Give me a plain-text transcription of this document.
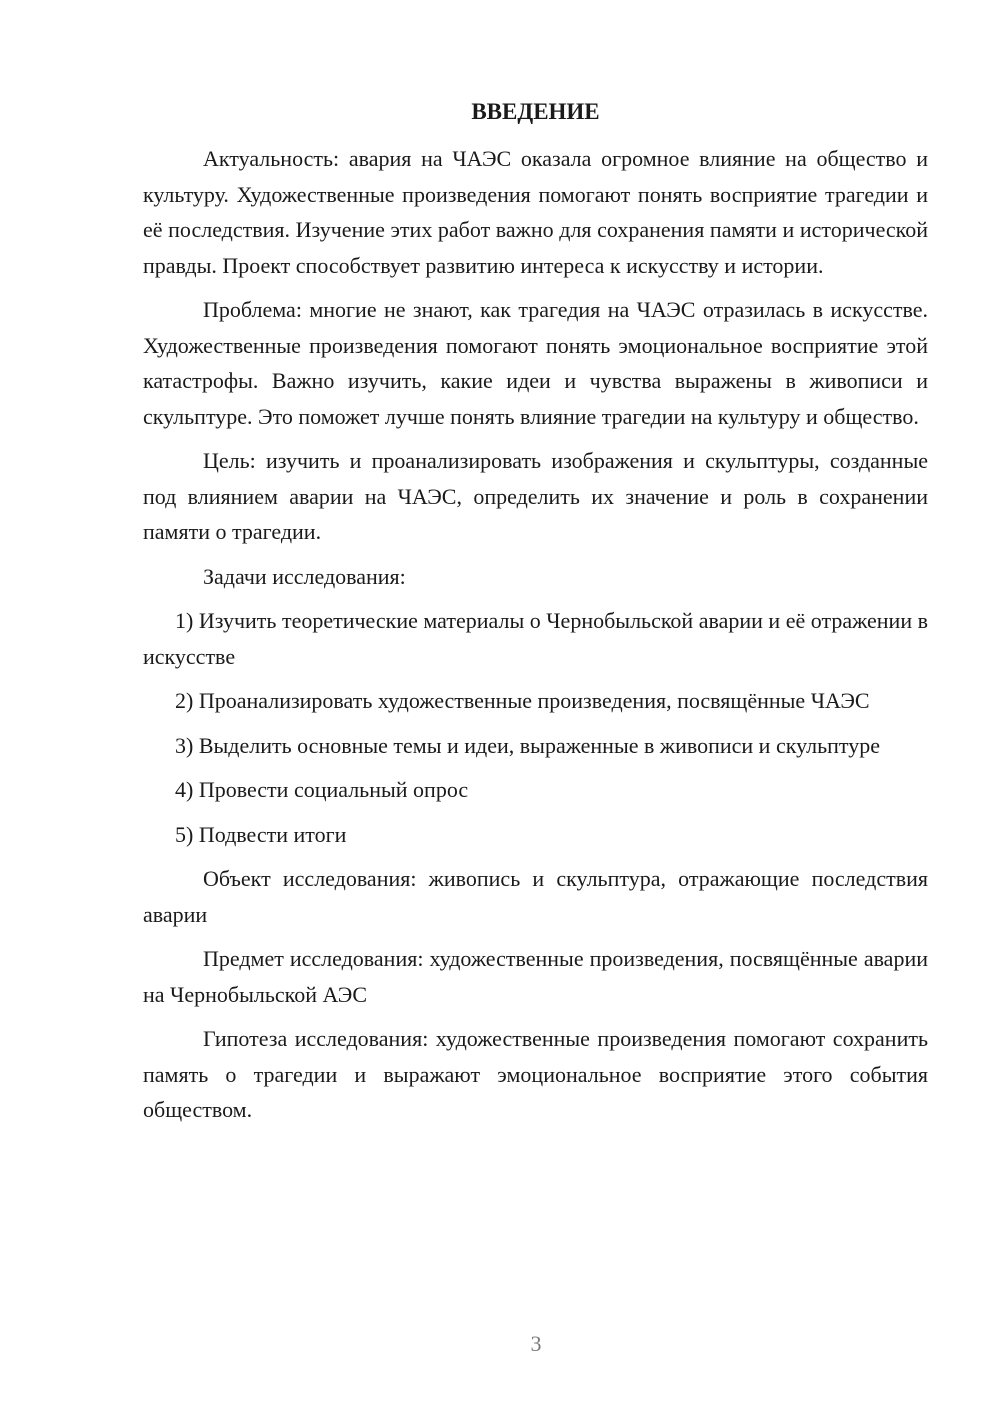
ВВЕДЕНИЕ

Актуальность: авария на ЧАЭС оказала огромное влияние на общество и культуру. Художественные произведения помогают понять восприятие трагедии и её последствия. Изучение этих работ важно для сохранения памяти и исторической правды. Проект способствует развитию интереса к искусству и истории.

Проблема: многие не знают, как трагедия на ЧАЭС отразилась в искусстве. Художественные произведения помогают понять эмоциональное восприятие этой катастрофы. Важно изучить, какие идеи и чувства выражены в живописи и скульптуре. Это поможет лучше понять влияние трагедии на культуру и общество.

Цель: изучить и проанализировать изображения и скульптуры, созданные под влиянием аварии на ЧАЭС, определить их значение и роль в сохранении памяти о трагедии.

Задачи исследования:

1) Изучить теоретические материалы о Чернобыльской аварии и её отражении в искусстве

2) Проанализировать художественные произведения, посвящённые ЧАЭС

3) Выделить основные темы и идеи, выраженные в живописи и скульптуре

4) Провести социальный опрос

5) Подвести итоги

Объект исследования: живопись и скульптура, отражающие последствия аварии

Предмет исследования: художественные произведения, посвящённые аварии на Чернобыльской АЭС

Гипотеза исследования: художественные произведения помогают сохранить память о трагедии и выражают эмоциональное восприятие этого события обществом.

3
